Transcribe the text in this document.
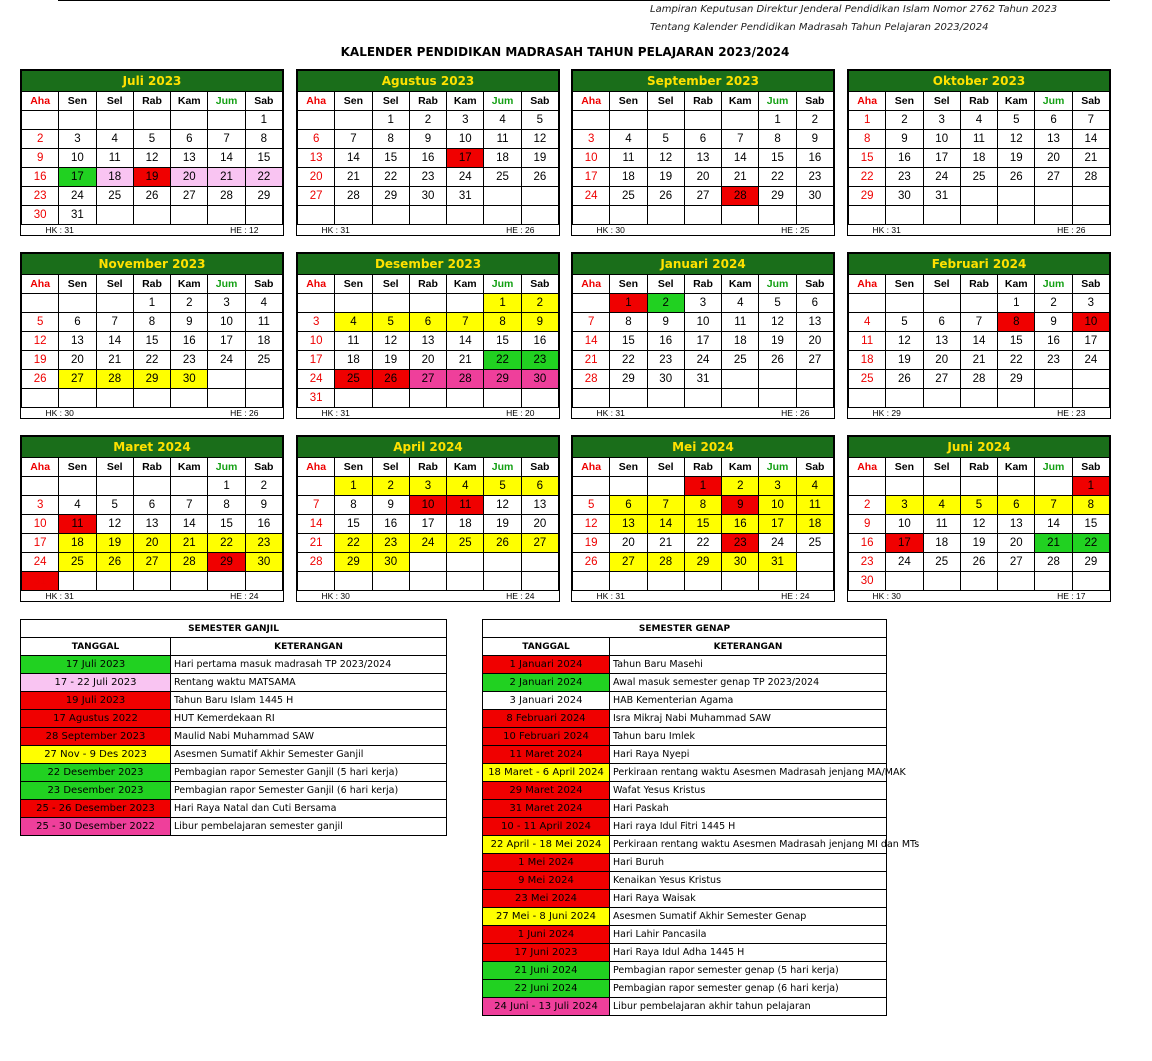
Lampiran Keputusan Direktur Jenderal Pendidikan Islam Nomor 2762 Tahun 2023
Tentang Kalender Pendidikan Madrasah Tahun Pelajaran 2023/2024
KALENDER PENDIDIKAN MADRASAH TAHUN PELAJARAN 2023/2024
Juli 2023						
Aha	Sen	Sel	Rab	Kam	Jum	Sab
						1
2	3	4	5	6	7	8
9	10	11	12	13	14	15
16	17	18	19	20	21	22
23	24	25	26	27	28	29
30	31					

HK : 31 HE : 12						
Agustus 2023						
Aha	Sen	Sel	Rab	Kam	Jum	Sab
		1	2	3	4	5
6	7	8	9	10	11	12
13	14	15	16	17	18	19
20	21	22	23	24	25	26
27	28	29	30	31		

HK : 31 HE : 26						
September 2023						
Aha	Sen	Sel	Rab	Kam	Jum	Sab
					1	2
3	4	5	6	7	8	9
10	11	12	13	14	15	16
17	18	19	20	21	22	23
24	25	26	27	28	29	30

HK : 30 HE : 25						
Oktober 2023						
Aha	Sen	Sel	Rab	Kam	Jum	Sab
1	2	3	4	5	6	7
8	9	10	11	12	13	14
15	16	17	18	19	20	21
22	23	24	25	26	27	28
29	30	31				

HK : 31 HE : 26						
November 2023						
Aha	Sen	Sel	Rab	Kam	Jum	Sab
			1	2	3	4
5	6	7	8	9	10	11
12	13	14	15	16	17	18
19	20	21	22	23	24	25
26	27	28	29	30		

HK : 30 HE : 26						
Desember 2023						
Aha	Sen	Sel	Rab	Kam	Jum	Sab
					1	2
3	4	5	6	7	8	9
10	11	12	13	14	15	16
17	18	19	20	21	22	23
24	25	26	27	28	29	30
31						

HK : 31 HE : 20						
Januari 2024						
Aha	Sen	Sel	Rab	Kam	Jum	Sab
	1	2	3	4	5	6
7	8	9	10	11	12	13
14	15	16	17	18	19	20
21	22	23	24	25	26	27
28	29	30	31			

HK : 31 HE : 26						
Februari 2024						
Aha	Sen	Sel	Rab	Kam	Jum	Sab
				1	2	3
4	5	6	7	8	9	10
11	12	13	14	15	16	17
18	19	20	21	22	23	24
25	26	27	28	29		

HK : 29 HE : 23						
Maret 2024						
Aha	Sen	Sel	Rab	Kam	Jum	Sab
					1	2
3	4	5	6	7	8	9
10	11	12	13	14	15	16
17	18	19	20	21	22	23
24	25	26	27	28	29	30
31						

HK : 31 HE : 24						
April 2024						
Aha	Sen	Sel	Rab	Kam	Jum	Sab
	1	2	3	4	5	6
7	8	9	10	11	12	13
14	15	16	17	18	19	20
21	22	23	24	25	26	27
28	29	30				

HK : 30 HE : 24						
Mei 2024						
Aha	Sen	Sel	Rab	Kam	Jum	Sab
			1	2	3	4
5	6	7	8	9	10	11
12	13	14	15	16	17	18
19	20	21	22	23	24	25
26	27	28	29	30	31	

HK : 31 HE : 24						
Juni 2024						
Aha	Sen	Sel	Rab	Kam	Jum	Sab
						1
2	3	4	5	6	7	8
9	10	11	12	13	14	15
16	17	18	19	20	21	22
23	24	25	26	27	28	29
30						

HK : 30 HE : 17						
SEMESTER GANJIL	
TANGGAL	KETERANGAN
17 Juli 2023	Hari pertama masuk madrasah TP 2023/2024
17 - 22 Juli 2023	Rentang waktu MATSAMA
19 Juli 2023	Tahun Baru Islam 1445 H
17 Agustus 2022	HUT Kemerdekaan RI
28 September 2023	Maulid Nabi Muhammad SAW
27 Nov - 9 Des 2023	Asesmen Sumatif Akhir Semester Ganjil
22 Desember 2023	Pembagian rapor Semester Ganjil (5 hari kerja)
23 Desember 2023	Pembagian rapor Semester Ganjil (6 hari kerja)
25 - 26 Desember 2023	Hari Raya Natal dan Cuti Bersama
25 - 30 Desember 2022	Libur pembelajaran semester ganjil
SEMESTER GENAP	
TANGGAL	KETERANGAN
1 Januari 2024	Tahun Baru Masehi
2 Januari 2024	Awal masuk semester genap TP 2023/2024
3 Januari 2024	HAB Kementerian Agama
8 Februari 2024	Isra Mikraj Nabi Muhammad SAW
10 Februari 2024	Tahun baru Imlek
11 Maret 2024	Hari Raya Nyepi
18 Maret - 6 April 2024	Perkiraan rentang waktu Asesmen Madrasah jenjang MA/MAK
29 Maret 2024	Wafat Yesus Kristus
31 Maret 2024	Hari Paskah
10 - 11 April 2024	Hari raya Idul Fitri 1445 H
22 April - 18 Mei 2024	Perkiraan rentang waktu Asesmen Madrasah jenjang MI dan MTs
1 Mei 2024	Hari Buruh
9 Mei 2024	Kenaikan Yesus Kristus
23 Mei 2024	Hari Raya Waisak
27 Mei - 8 Juni 2024	Asesmen Sumatif Akhir Semester Genap
1 Juni 2024	Hari Lahir Pancasila
17 Juni 2023	Hari Raya Idul Adha 1445 H
21 Juni 2024	Pembagian rapor semester genap (5 hari kerja)
22 Juni 2024	Pembagian rapor semester genap (6 hari kerja)
24 Juni - 13 Juli 2024	Libur pembelajaran akhir tahun pelajaran
